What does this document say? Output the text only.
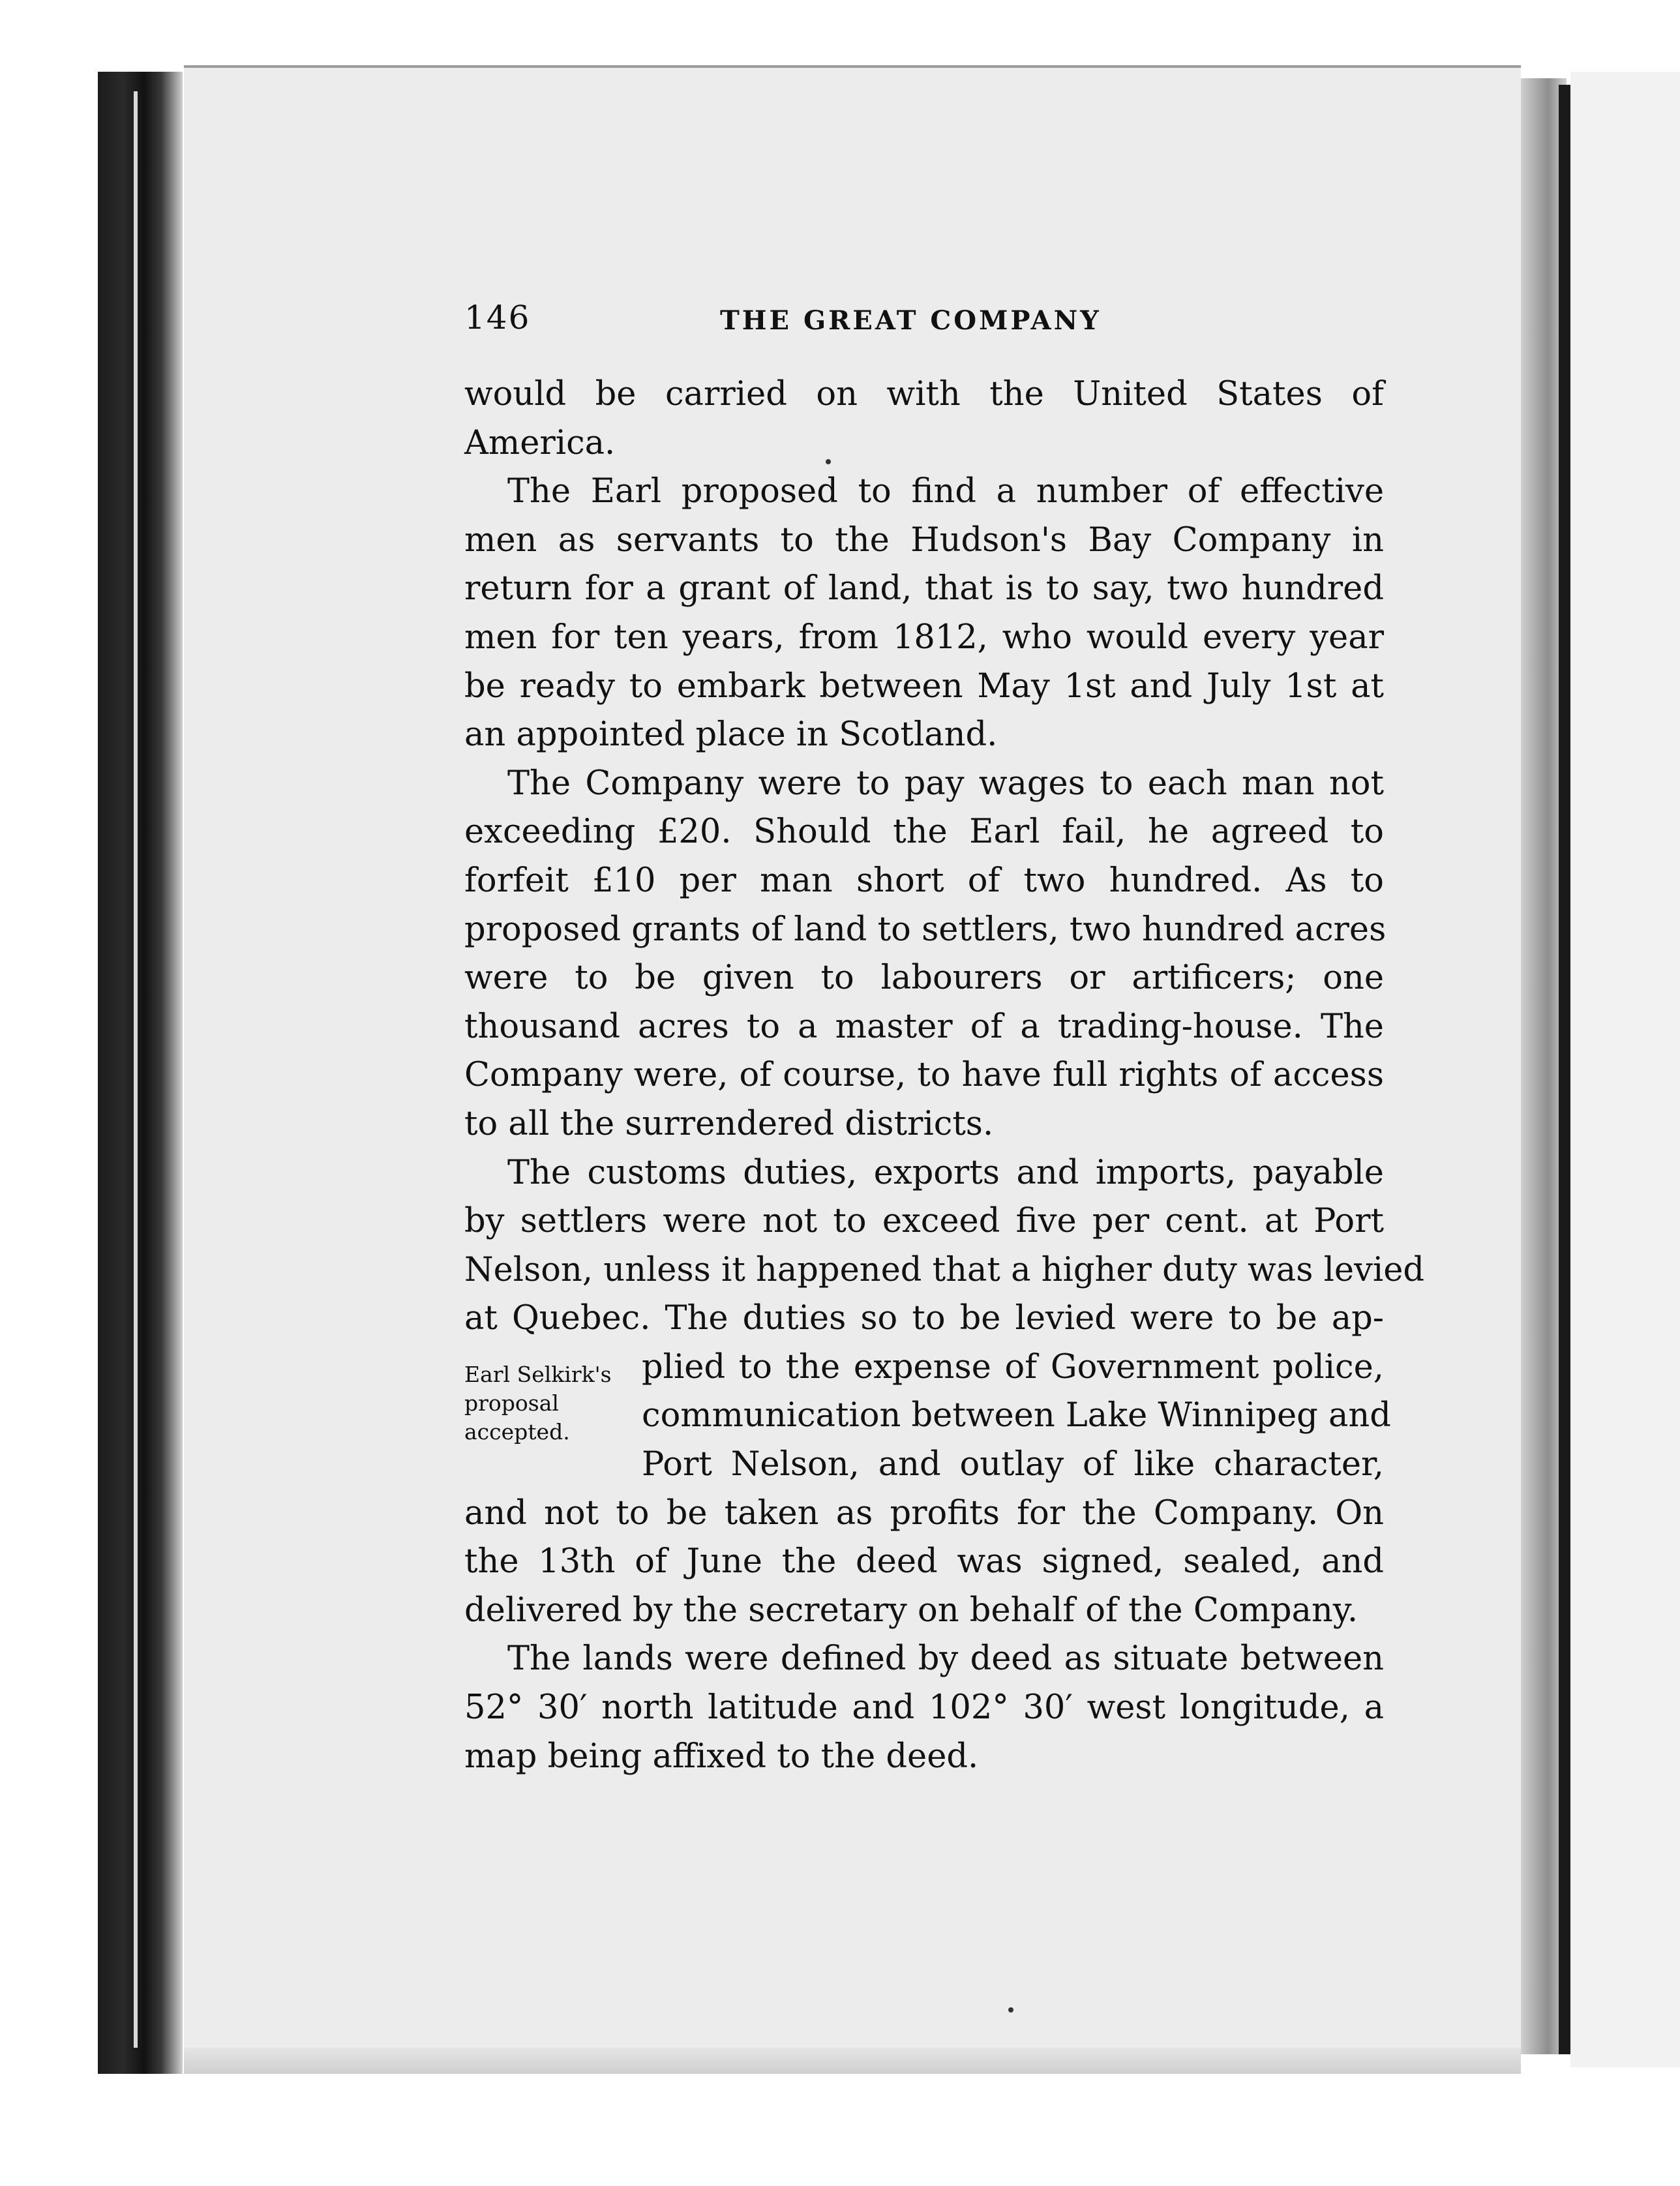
146	THE GREAT COMPANY
would be carried on with the United States of
America.
The Earl proposed to find a number of effective
men as servants to the Hudson's Bay Company in
return for a grant of land, that is to say, two hundred
men for ten years, from 1812, who would every year
be ready to embark between May 1st and July 1st at
an appointed place in Scotland.
The Company were to pay wages to each man not
exceeding £20. Should the Earl fail, he agreed to
forfeit £10 per man short of two hundred. As to
proposed grants of land to settlers, two hundred acres
were to be given to labourers or artificers; one
thousand acres to a master of a trading-house. The
Company were, of course, to have full rights of access
to all the surrendered districts.
The customs duties, exports and imports, payable
by settlers were not to exceed five per cent. at Port
Nelson, unless it happened that a higher duty was levied
at Quebec. The duties so to be levied were to be ap-
Earl Selkirk's
proposal
accepted.
plied to the expense of Government police,
communication between Lake Winnipeg and
Port Nelson, and outlay of like character,
and not to be taken as profits for the Company. On
the 13th of June the deed was signed, sealed, and
delivered by the secretary on behalf of the Company.
The lands were defined by deed as situate between
52° 30′ north latitude and 102° 30′ west longitude, a
map being affixed to the deed.
